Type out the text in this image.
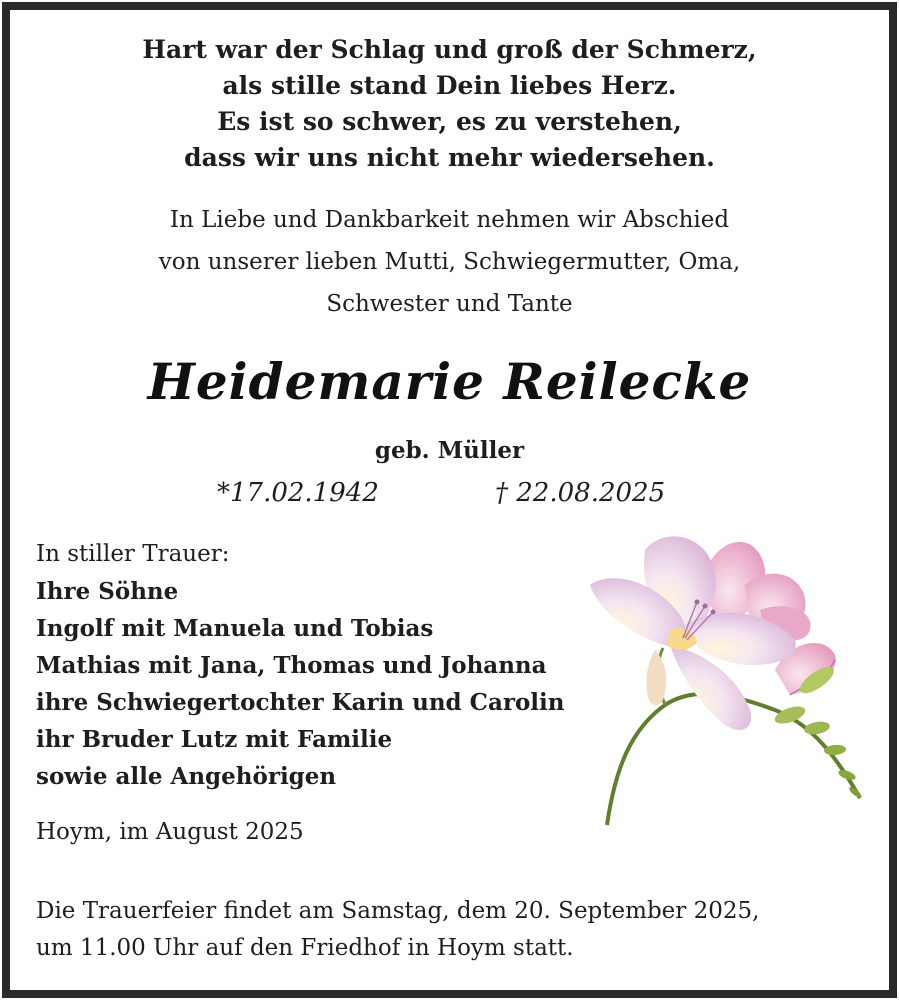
Hart war der Schlag und groß der Schmerz,
als stille stand Dein liebes Herz.
Es ist so schwer, es zu verstehen,
dass wir uns nicht mehr wiedersehen.
In Liebe und Dankbarkeit nehmen wir Abschied
von unserer lieben Mutti, Schwiegermutter, Oma,
Schwester und Tante
Heidemarie Reilecke
geb. Müller
*17.02.1942	† 22.08.2025
In stiller Trauer:
Ihre Söhne
Ingolf mit Manuela und Tobias
Mathias mit Jana, Thomas und Johanna
ihre Schwiegertochter Karin und Carolin
ihr Bruder Lutz mit Familie
sowie alle Angehörigen
Hoym, im August 2025
Die Trauerfeier findet am Samstag, dem 20. September 2025,
um 11.00 Uhr auf den Friedhof in Hoym statt.
